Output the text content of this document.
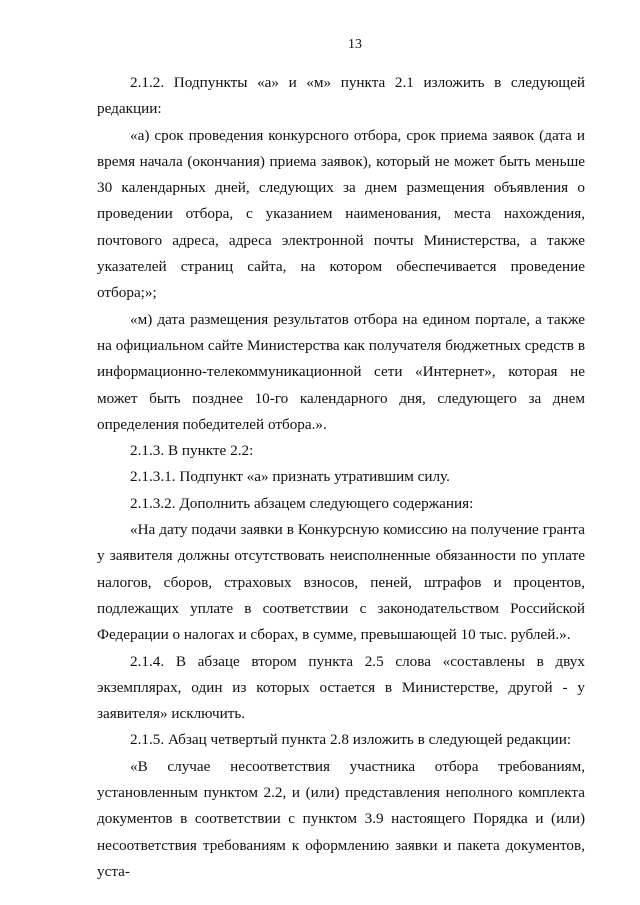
13

2.1.2. Подпункты «а» и «м» пункта 2.1 изложить в следующей редакции:

«а) срок проведения конкурсного отбора, срок приема заявок (дата и время начала (окончания) приема заявок), который не может быть меньше 30 календарных дней, следующих за днем размещения объявления о проведении отбора, с указанием наименования, места нахождения, почтового адреса, адреса электронной почты Министерства, а также указателей страниц сайта, на котором обеспечивается проведение отбора;»;

«м) дата размещения результатов отбора на едином портале, а также на официальном сайте Министерства как получателя бюджетных средств в информационно-телекоммуникационной сети «Интернет», которая не может быть позднее 10-го календарного дня, следующего за днем определения победителей отбора.».

2.1.3. В пункте 2.2:

2.1.3.1. Подпункт «а» признать утратившим силу.

2.1.3.2. Дополнить абзацем следующего содержания:

«На дату подачи заявки в Конкурсную комиссию на получение гранта у заявителя должны отсутствовать неисполненные обязанности по уплате налогов, сборов, страховых взносов, пеней, штрафов и процентов, подлежащих уплате в соответствии с законодательством Российской Федерации о налогах и сборах, в сумме, превышающей 10 тыс. рублей.».

2.1.4. В абзаце втором пункта 2.5 слова «составлены в двух экземплярах, один из которых остается в Министерстве, другой - у заявителя» исключить.

2.1.5. Абзац четвертый пункта 2.8 изложить в следующей редакции:

«В случае несоответствия участника отбора требованиям, установленным пунктом 2.2, и (или) представления неполного комплекта документов в соответствии с пунктом 3.9 настоящего Порядка и (или) несоответствия требованиям к оформлению заявки и пакета документов, уста-
